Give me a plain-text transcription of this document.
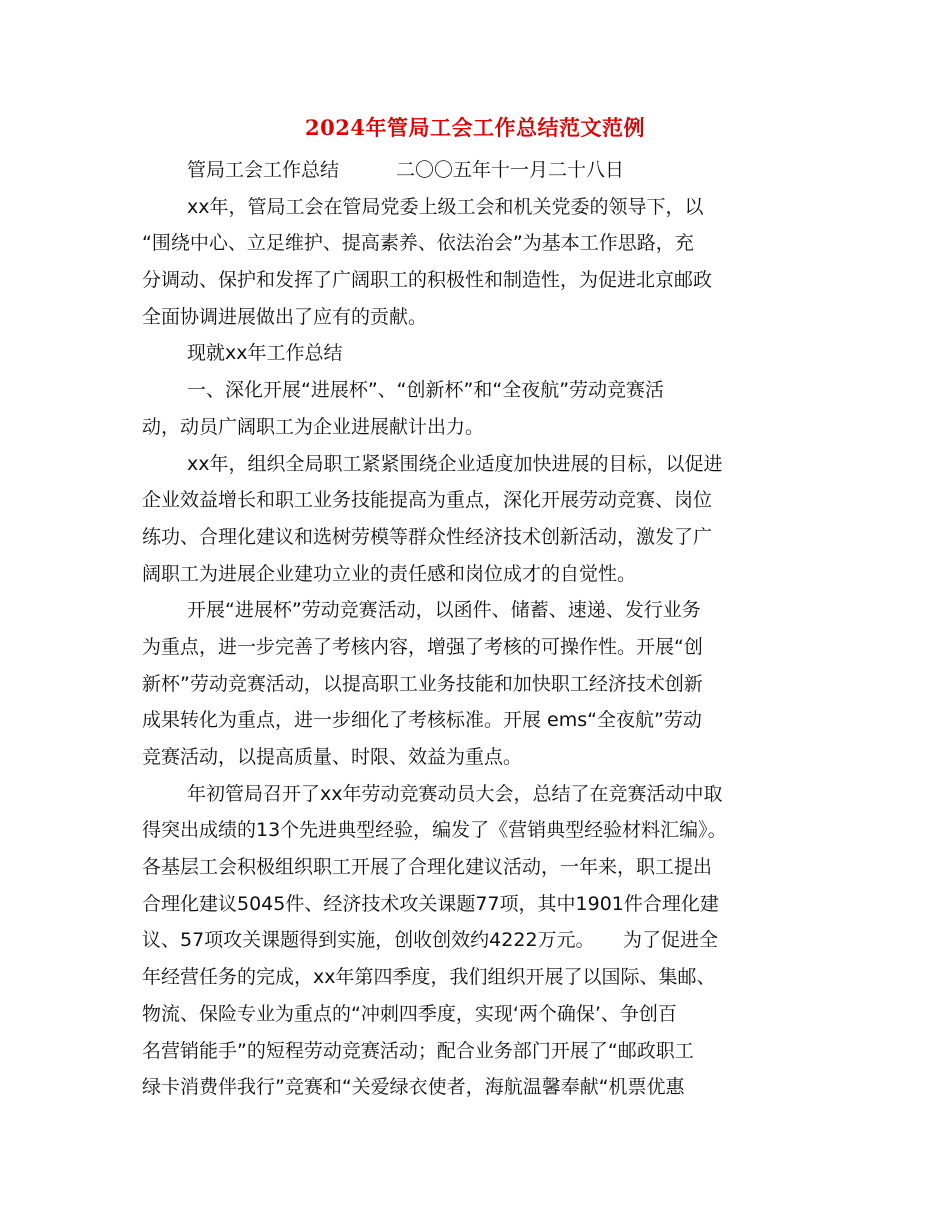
2024年管局工会工作总结范文范例
管局工会工作总结　　　二〇〇五年十一月二十八日
xx年，管局工会在管局党委上级工会和机关党委的领导下，以
“围绕中心、立足维护、提高素养、依法治会”为基本工作思路，充
分调动、保护和发挥了广阔职工的积极性和制造性，为促进北京邮政
全面协调进展做出了应有的贡献。
现就xx年工作总结
一、深化开展“进展杯”、“创新杯”和“全夜航”劳动竞赛活
动，动员广阔职工为企业进展献计出力。
xx年，组织全局职工紧紧围绕企业适度加快进展的目标，以促进
企业效益增长和职工业务技能提高为重点，深化开展劳动竞赛、岗位
练功、合理化建议和选树劳模等群众性经济技术创新活动，激发了广
阔职工为进展企业建功立业的责任感和岗位成才的自觉性。
开展“进展杯”劳动竞赛活动，以函件、储蓄、速递、发行业务
为重点，进一步完善了考核内容，增强了考核的可操作性。开展“创
新杯”劳动竞赛活动，以提高职工业务技能和加快职工经济技术创新
成果转化为重点，进一步细化了考核标准。开展 ems“全夜航”劳动
竞赛活动，以提高质量、时限、效益为重点。
年初管局召开了xx年劳动竞赛动员大会，总结了在竞赛活动中取
得突出成绩的13个先进典型经验，编发了《营销典型经验材料汇编》。
各基层工会积极组织职工开展了合理化建议活动，一年来，职工提出
合理化建议5045件、经济技术攻关课题77项，其中1901件合理化建
议、57项攻关课题得到实施，创收创效约4222万元。　　为了促进全
年经营任务的完成，xx年第四季度，我们组织开展了以国际、集邮、
物流、保险专业为重点的“冲刺四季度，实现‘两个确保’、争创百
名营销能手”的短程劳动竞赛活动；配合业务部门开展了“邮政职工
绿卡消费伴我行”竞赛和“关爱绿衣使者，海航温馨奉献“机票优惠
